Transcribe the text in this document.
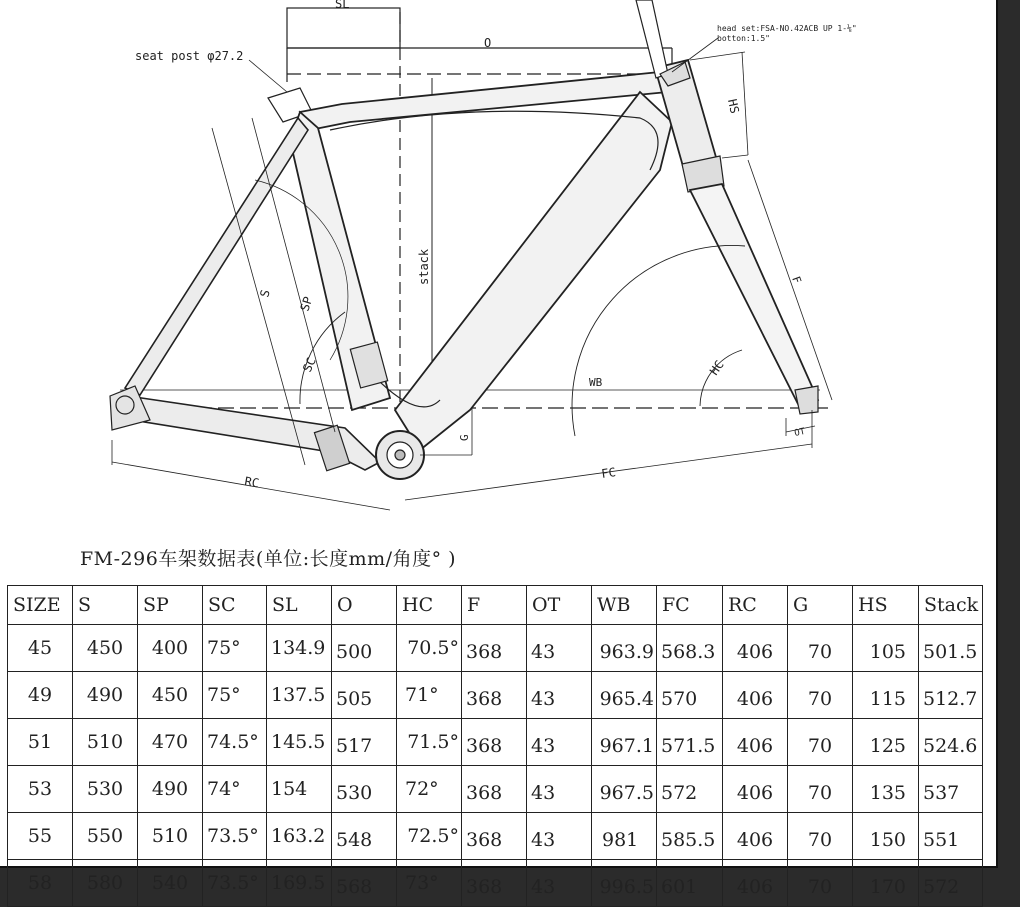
SL
O
seat post φ27.2
head set:FSA-NO.42ACB UP 1-⅛"
botton:1.5"
HS
stack
S
SP
SC
WB
HC
F
G	OT
RC
FC
FM-296车架数据表(单位:长度mm/角度° )
SIZE	S	SP	SC	SL	O	HC	F	OT	WB	FC	RC	G	HS	Stack
45	450	400	75°	134.9	500	70.5°	368	43	963.9	568.3	406	70	105	501.5
49	490	450	75°	137.5	505	71°	368	43	965.4	570	406	70	115	512.7
51	510	470	74.5°	145.5	517	71.5°	368	43	967.1	571.5	406	70	125	524.6
53	530	490	74°	154	530	72°	368	43	967.5	572	406	70	135	537
55	550	510	73.5°	163.2	548	72.5°	368	43	981	585.5	406	70	150	551
58	580	540	73.5°	169.5	568	73°	368	43	996.5	601	406	70	170	572
